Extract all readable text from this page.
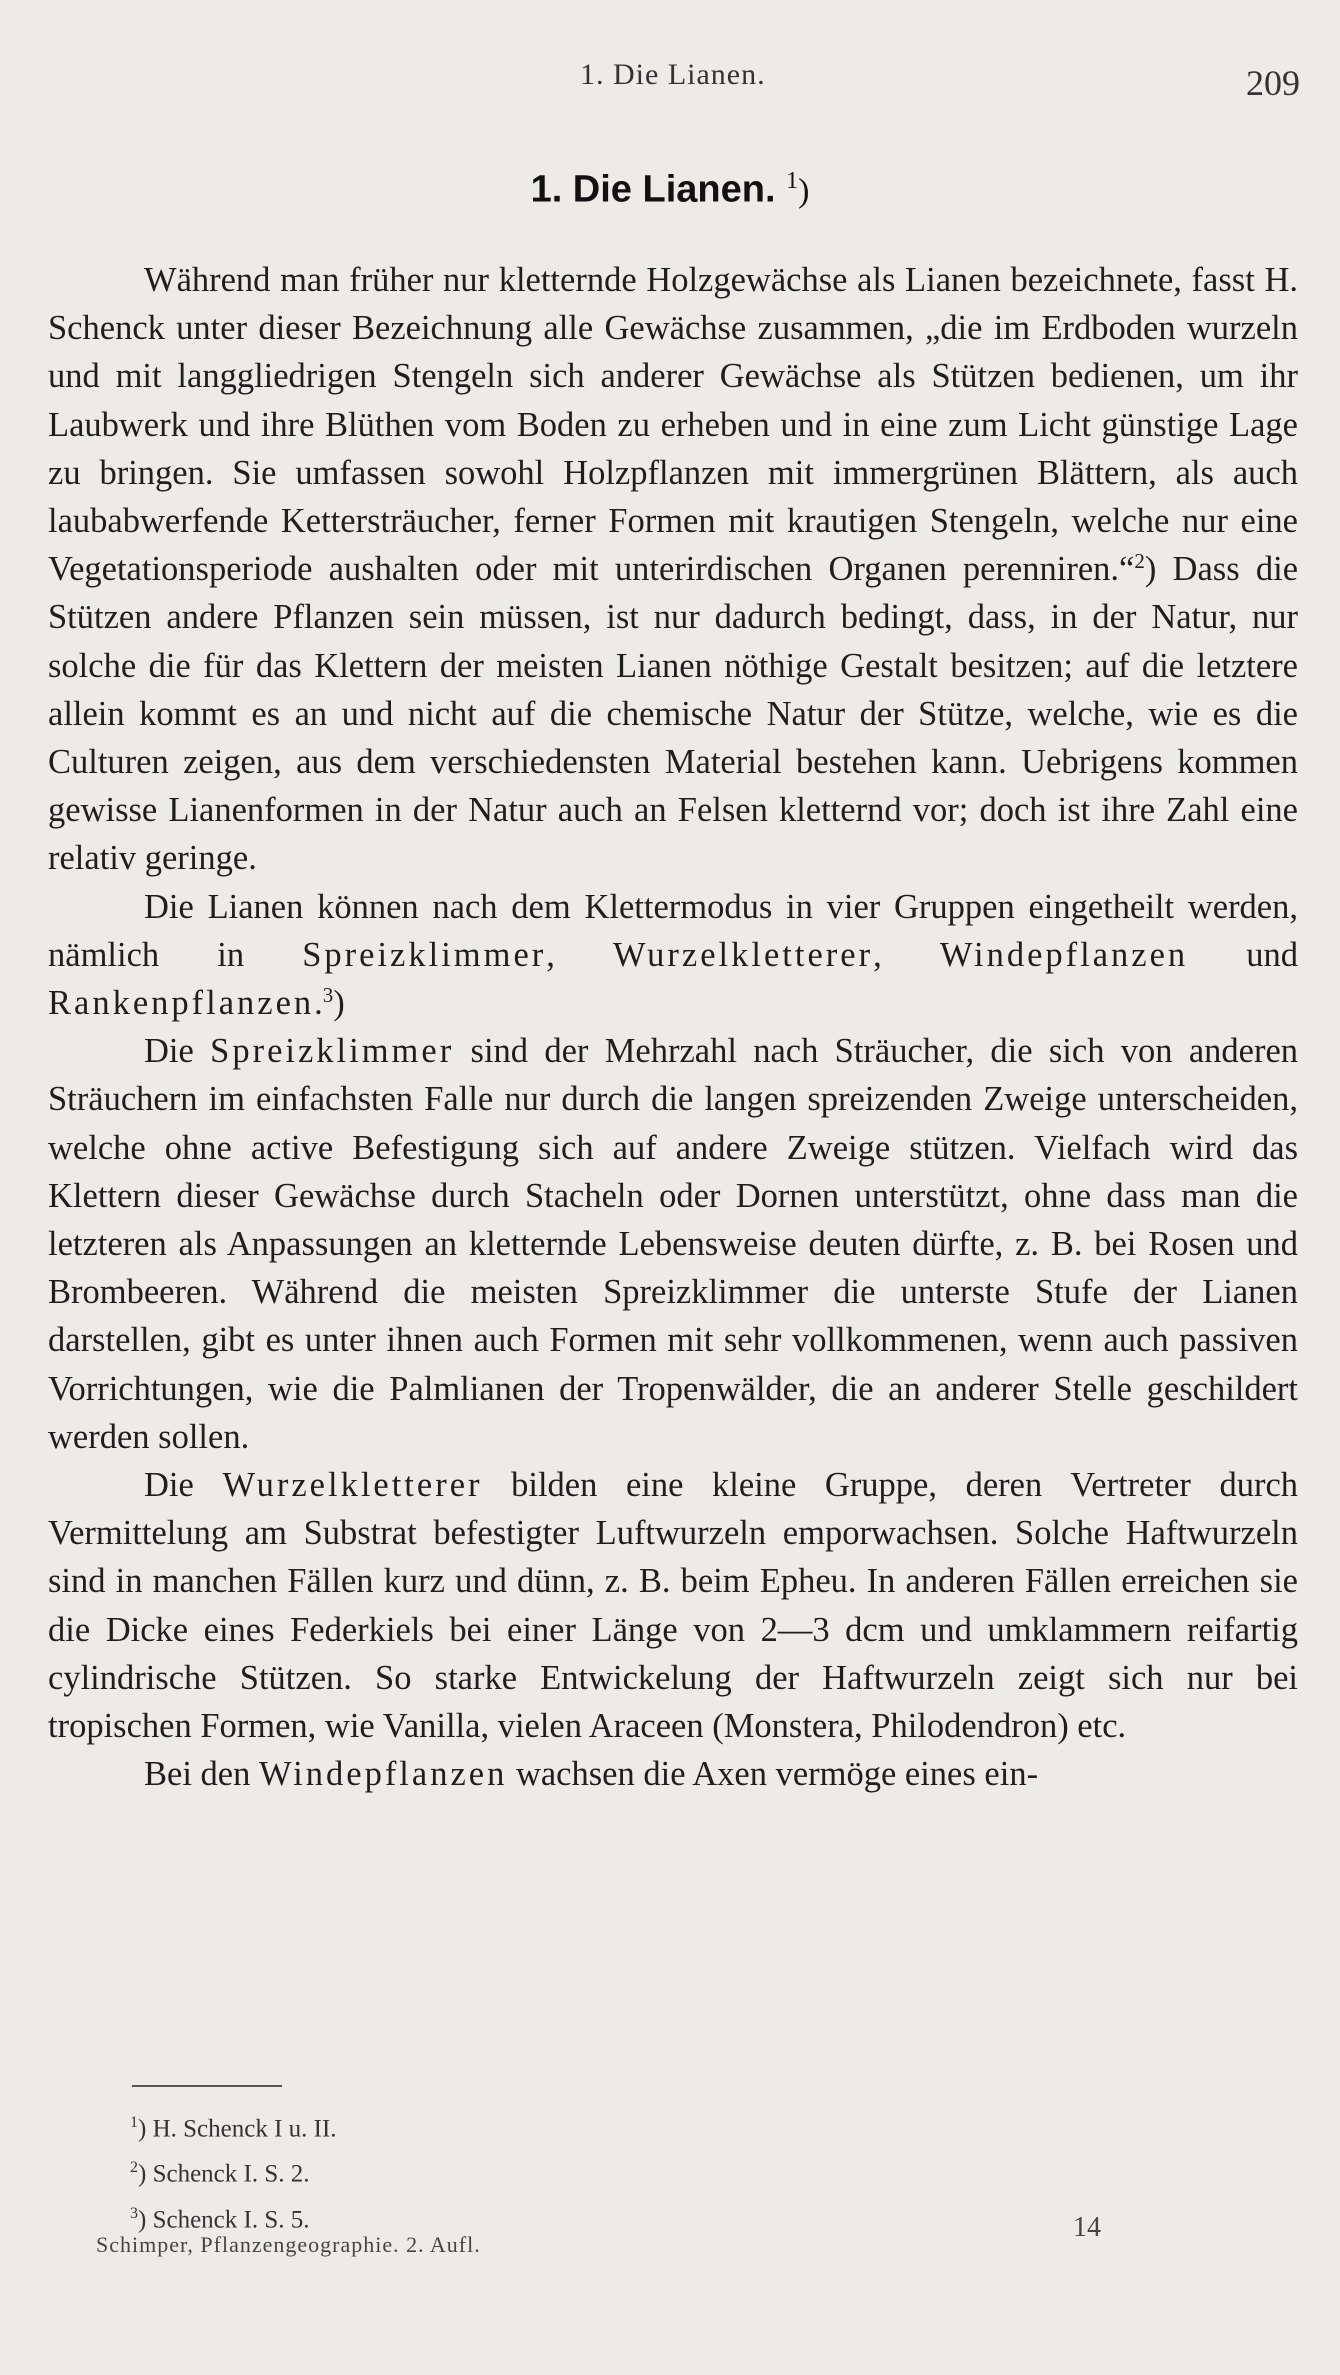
1. Die Lianen.	209
1. Die Lianen. $^1$)

Während man früher nur kletternde Holzgewächse als Lianen bezeichnete, fasst H. Schenck unter dieser Bezeichnung alle Gewächse zusammen, „die im Erdboden wurzeln und mit langgliedrigen Stengeln sich anderer Gewächse als Stützen bedienen, um ihr Laubwerk und ihre Blüthen vom Boden zu erheben und in eine zum Licht günstige Lage zu bringen. Sie umfassen sowohl Holzpflanzen mit immergrünen Blättern, als auch laubabwerfende Kettersträucher, ferner Formen mit krautigen Stengeln, welche nur eine Vegetationsperiode aushalten oder mit unterirdischen Organen perenniren.“$^2$) Dass die Stützen andere Pflanzen sein müssen, ist nur dadurch bedingt, dass, in der Natur, nur solche die für das Klettern der meisten Lianen nöthige Gestalt besitzen; auf die letztere allein kommt es an und nicht auf die chemische Natur der Stütze, welche, wie es die Culturen zeigen, aus dem verschiedensten Material bestehen kann. Uebrigens kommen gewisse Lianenformen in der Natur auch an Felsen kletternd vor; doch ist ihre Zahl eine relativ geringe.

Die Lianen können nach dem Klettermodus in vier Gruppen eingetheilt werden, nämlich in Spreizklimmer, Wurzelkletterer, Windepflanzen und Rankenpflanzen.$^3$)

Die Spreizklimmer sind der Mehrzahl nach Sträucher, die sich von anderen Sträuchern im einfachsten Falle nur durch die langen spreizenden Zweige unterscheiden, welche ohne active Befestigung sich auf andere Zweige stützen. Vielfach wird das Klettern dieser Gewächse durch Stacheln oder Dornen unterstützt, ohne dass man die letzteren als Anpassungen an kletternde Lebensweise deuten dürfte, z. B. bei Rosen und Brombeeren. Während die meisten Spreizklimmer die unterste Stufe der Lianen darstellen, gibt es unter ihnen auch Formen mit sehr vollkommenen, wenn auch passiven Vorrichtungen, wie die Palmlianen der Tropenwälder, die an anderer Stelle geschildert werden sollen.

Die Wurzelkletterer bilden eine kleine Gruppe, deren Vertreter durch Vermittelung am Substrat befestigter Luftwurzeln emporwachsen. Solche Haftwurzeln sind in manchen Fällen kurz und dünn, z. B. beim Epheu. In anderen Fällen erreichen sie die Dicke eines Federkiels bei einer Länge von 2—3 dcm und umklammern reifartig cylindrische Stützen. So starke Entwickelung der Haftwurzeln zeigt sich nur bei tropischen Formen, wie Vanilla, vielen Araceen (Monstera, Philodendron) etc.

Bei den Windepflanzen wachsen die Axen vermöge eines ein-

$^1$) H. Schenck I u. II.
$^2$) Schenck I. S. 2.
$^3$) Schenck I. S. 5.
Schimper, Pflanzengeographie. 2. Aufl.
14
